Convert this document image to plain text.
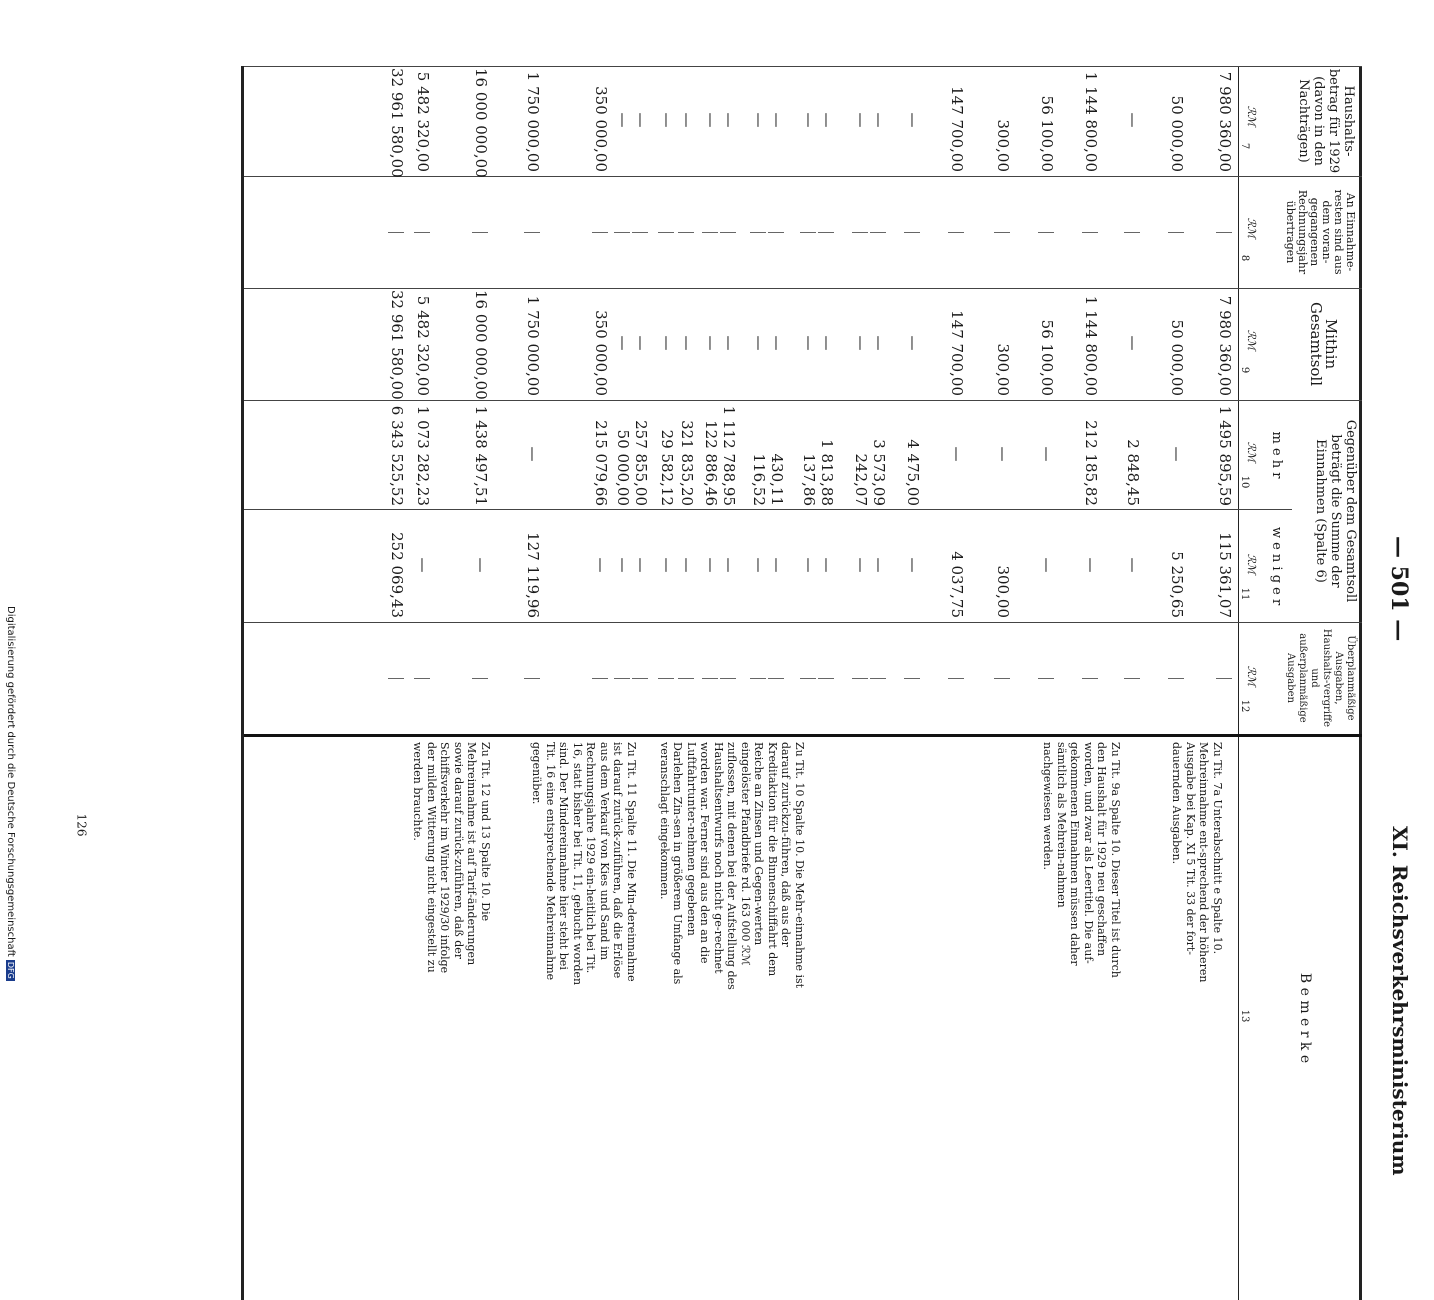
Digitalisierung gefördert durch die Deutsche ForschungsgemeinschaftDFG
126
— 501 —
XI. Reichsverkehrsministerium
Haushalts-betrag für 1929 (davon in den Nachträgen)
An Einnahme-resten sind aus dem voran-gegangenen Rechnungsjahr übertragen
Mithin Gesamtsoll
Gegenüber dem Gesamtsoll beträgt die Summe der Einnahmen (Spalte 6)
m e h r
w e n i g e r
Überplanmäßige Ausgaben, Haushalts-vergriffe und außerplanmäßige Ausgaben
B e m e r k e
ℛℳ
ℛℳ
ℛℳ
ℛℳ
ℛℳ
ℛℳ
7
8
9
10
11
12
13
7 980 360,00
7 980 360,00
1 495 895,59
115 361,07
50 000,00
50 000,00
—
5 250,65
—
—
2 848,45
—
1 144 800,00
1 144 800,00
212 185,82
—
56 100,00
56 100,00
—
—
300,00
300,00
—
300,00
147 700,00
147 700,00
—
4 037,75
—
—
4 475,00
—
—
—
3 573,09
—
—
—
242,07
—
—
—
1 813,88
—
—
—
137,86
—
—
—
430,11
—
—
—
116,52
—
—
—
1 112 788,95
—
—
—
122 886,46
—
—
—
321 835,20
—
—
—
29 582,12
—
—
—
257 855,00
—
—
—
50 000,00
—
350 000,00
350 000,00
215 079,66
—
1 750 000,00
1 750 000,00
—
127 119,96
16 000 000,00
16 000 000,00
1 438 497,51
—
5 482 320,00
5 482 320,00
1 073 282,23
—
32 961 580,00
32 961 580,00
6 343 525,52
252 069,43
Zu Tit. 7a Unterabschnitt e Spalte 10. Mehreinnahme ent-sprechend der höheren Ausgabe bei Kap. XI 5 Tit. 33 der fort-dauernden Ausgaben.
Zu Tit. 9a Spalte 10. Dieser Titel ist durch den Haushalt für 1929 neu geschaffen worden, und zwar als Leertitel. Die auf-gekommenen Einnahmen müssen daher sämtlich als Mehrein-nahmen nachgewiesen werden.
Zu Tit. 10 Spalte 10. Die Mehr-einnahme ist darauf zurückzu-führen, daß aus der Kreditaktion für die Binnenschiffahrt dem Reiche an Zinsen und Gegen-werten eingelöster Pfandbriefe rd. 163 000 ℛℳ zuflossen, mit denen bei der Aufstellung des Haushaltsentwurfs noch nicht ge-rechnet worden war. Ferner sind aus den an die Luftfahrtunter-nehmen gegebenen Darlehen Zin-sen in größerem Umfange als veranschlagt eingekommen.
Zu Tit. 11 Spalte 11. Die Min-dereinnahme ist darauf zurück-zuführen, daß die Erlöse aus dem Verkauf von Kies und Sand im Rechnungsjahre 1929 ein-heitlich bei Tit. 16, statt bisher bei Tit. 11, gebucht worden sind. Der Mindereinnahme hier steht bei Tit. 16 eine entsprechende Mehreinnahme gegenüber.
Zu Tit. 12 und 13 Spalte 10. Die Mehreinnahme ist auf Tarif-änderungen sowie darauf zurück-zuführen, daß der Schiffsverkehr im Winter 1929/30 infolge der milden Witterung nicht eingestellt zu werden brauchte.
